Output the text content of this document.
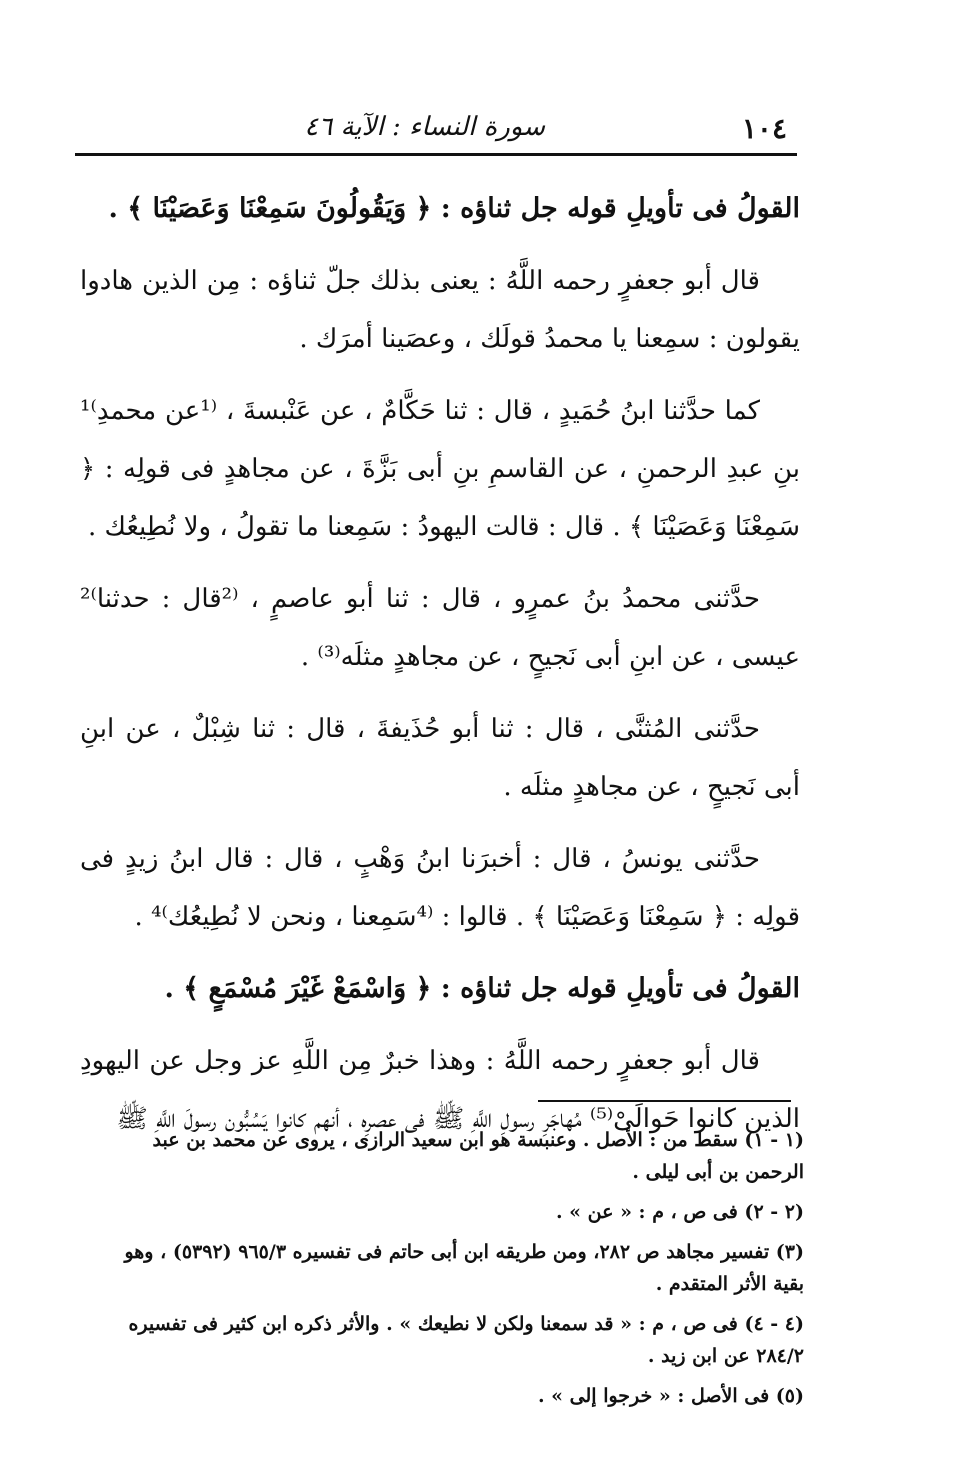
١٠٤
سورة النساء : الآية ٤٦

القولُ فى تأويلِ قوله جل ثناؤه : ﴿ وَيَقُولُونَ سَمِعْنَا وَعَصَيْنَا ﴾ .

قال أبو جعفرٍ رحمه اللَّهُ : يعنى بذلك جلّ ثناؤه : مِن الذين هادوا يقولون : سمِعنا يا محمدُ قولَك ، وعصَينا أمرَك .

كما حدَّثنا ابنُ حُمَيدٍ ، قال : ثنا حَكَّامٌ ، عن عَنْبسةَ ، ⁽¹عن محمدِ⁾¹ بنِ عبدِ الرحمنِ ، عن القاسمِ بنِ أبى بَزَّةَ ، عن مجاهدٍ فى قولِه : ﴿ سَمِعْنَا وَعَصَيْنَا ﴾ . قال : قالت اليهودُ : سَمِعنا ما تقولُ ، ولا نُطِيعُك .

حدَّثنى محمدُ بنُ عمرٍو ، قال : ثنا أبو عاصمٍ ، ⁽²قال : حدثنا⁾² عيسى ، عن ابنِ أبى نَجيحٍ ، عن مجاهدٍ مثلَه⁽³⁾ .

حدَّثنى المُثنَّى ، قال : ثنا أبو حُذَيفةَ ، قال : ثنا شِبْلٌ ، عن ابنِ أبى نَجيحٍ ، عن مجاهدٍ مثلَه .

حدَّثنى يونسُ ، قال : أخبرَنا ابنُ وَهْبٍ ، قال : قال ابنُ زيدٍ فى قولِه : ﴿ سَمِعْنَا وَعَصَيْنَا ﴾ . قالوا : ⁽⁴سَمِعنا ، ونحن لا نُطِيعُك⁾⁴ .

القولُ فى تأويلِ قوله جل ثناؤه : ﴿ وَاسْمَعْ غَيْرَ مُسْمَعٍ ﴾ .

قال أبو جعفرٍ رحمه اللَّهُ : وهذا خبرٌ مِن اللَّهِ عز وجل عن اليهودِ الذين كانوا حَوالَىْ⁽⁵⁾ مُهاجَرِ رسولِ اللَّهِ ﷺ فى عصرِه ، أنهم كانوا يَسُبُّون رسولَ اللَّهِ ﷺ

(١ - ١) سقط من : الأصل . وعنبسة هو ابن سعيد الرازى ، يروى عن محمد بن عبد الرحمن بن أبى ليلى .

(٢ - ٢) فى ص ، م : « عن » .

(٣) تفسير مجاهد ص ٢٨٢، ومن طريقه ابن أبى حاتم فى تفسيره ٩٦٥/٣ (٥٣٩٢) ، وهو بقية الأثر المتقدم .

(٤ - ٤) فى ص ، م : « قد سمعنا ولكن لا نطيعك » . والأثر ذكره ابن كثير فى تفسيره ٢٨٤/٢ عن ابن زيد .

(٥) فى الأصل : « خرجوا إلى » .
